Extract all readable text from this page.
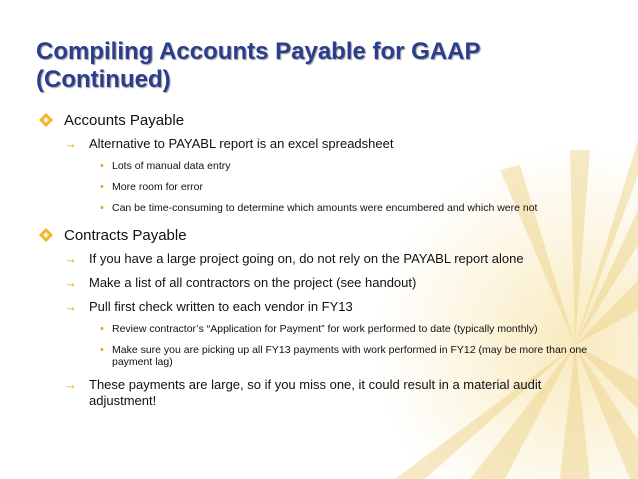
Compiling Accounts Payable for GAAP
(Continued)
Accounts Payable
→ Alternative to PAYABL report is an excel spreadsheet
• Lots of manual data entry
• More room for error
• Can be time-consuming to determine which amounts were encumbered and which were not
Contracts Payable
→ If you have a large project going on, do not rely on the PAYABL report alone
→ Make a list of all contractors on the project (see handout)
→ Pull first check written to each vendor in FY13
• Review contractor’s “Application for Payment” for work performed to date (typically monthly)
• Make sure you are picking up all FY13 payments with work performed in FY12 (may be more than one payment lag)
→ These payments are large, so if you miss one, it could result in a material audit adjustment!
